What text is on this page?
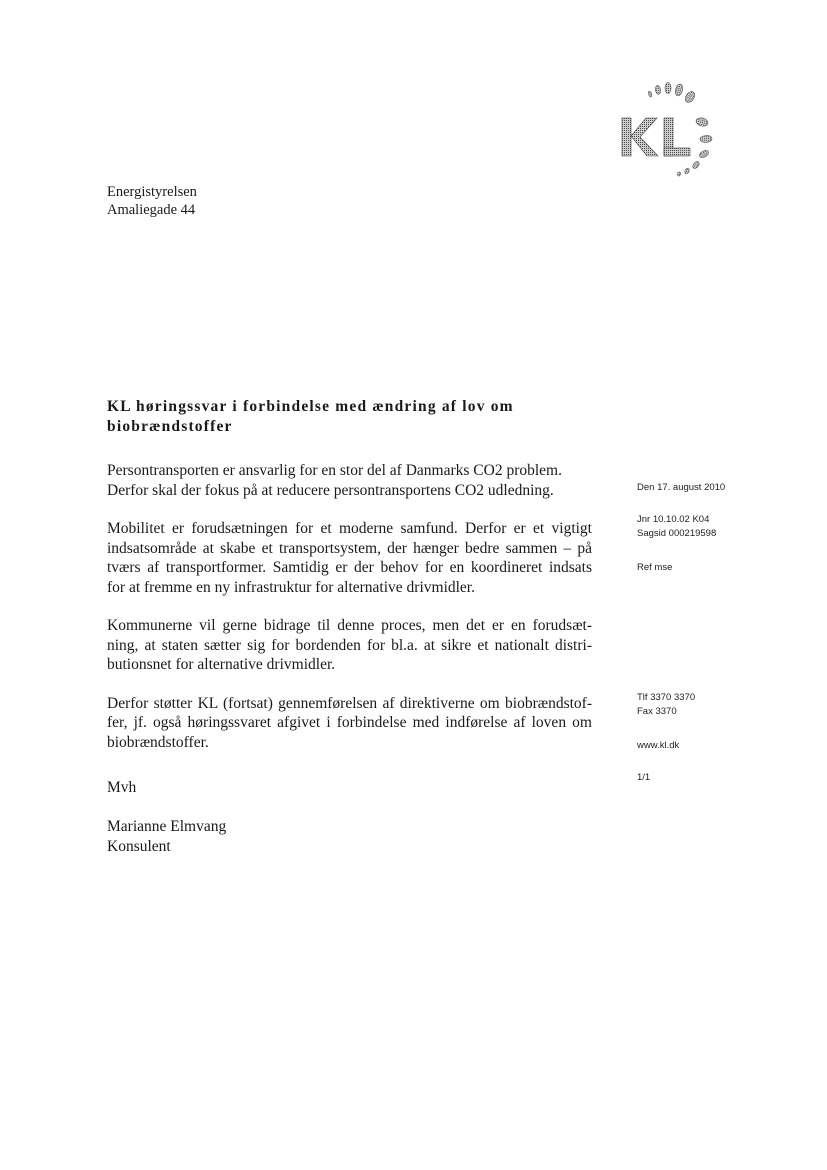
Energistyrelsen
Amaliegade 44
KL høringssvar i forbindelse med ændring af lov om
biobrændstoffer

Persontransporten er ansvarlig for en stor del af Danmarks CO2 problem.
Derfor skal der fokus på at reducere persontransportens CO2 udledning.

Mobilitet er forudsætningen for et moderne samfund. Derfor er et vigtigt
indsatsområde at skabe et transportsystem, der hænger bedre sammen – på
tværs af transportformer. Samtidig er der behov for en koordineret indsats
for at fremme en ny infrastruktur for alternative drivmidler.

Kommunerne vil gerne bidrage til denne proces, men det er en forudsæt-
ning, at staten sætter sig for bordenden for bl.a. at sikre et nationalt distri-
butionsnet for alternative drivmidler.

Derfor støtter KL (fortsat) gennemførelsen af direktiverne om biobrændstof-
fer, jf. også høringssvaret afgivet i forbindelse med indførelse af loven om
biobrændstoffer.

Mvh
Marianne Elmvang
Konsulent
Den 17. august 2010
Jnr 10.10.02 K04
Sagsid 000219598
Ref mse
Tlf 3370 3370
Fax 3370
www.kl.dk
1/1
